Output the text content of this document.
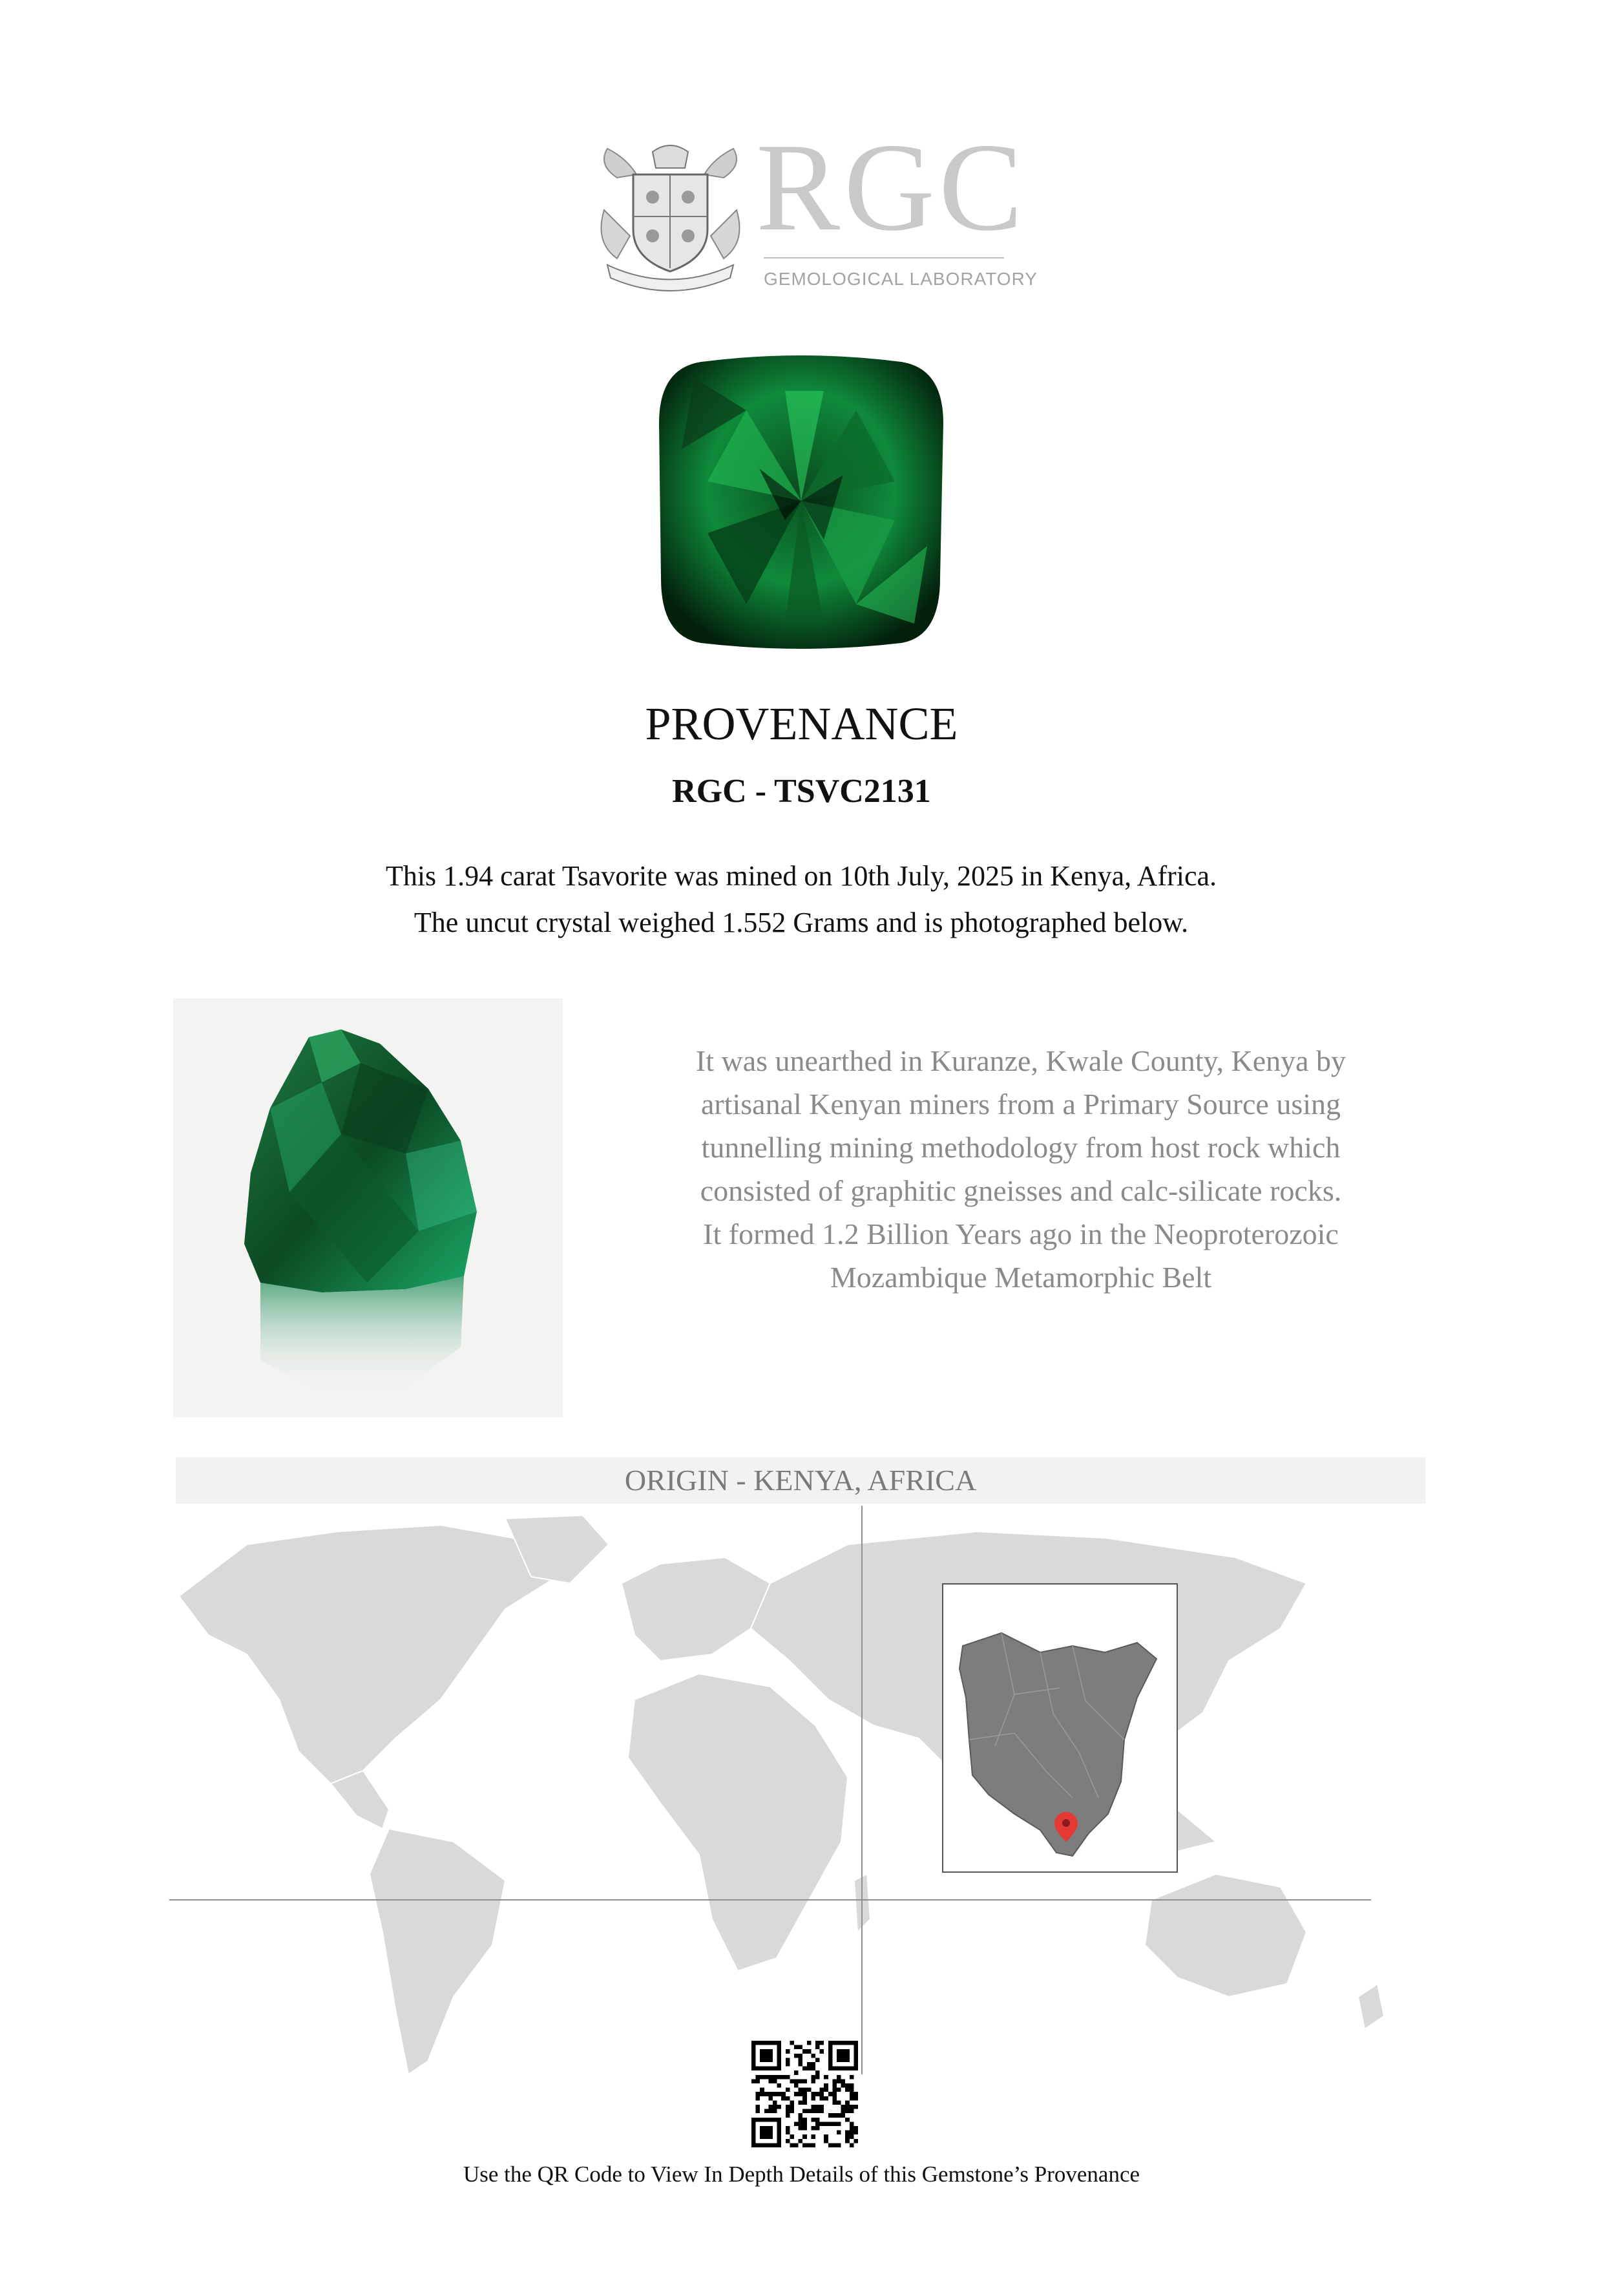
RGC
GEMOLOGICAL LABORATORY
PROVENANCE
RGC - TSVC2131
This 1.94 carat Tsavorite was mined on 10th July, 2025 in Kenya, Africa.
The uncut crystal weighed 1.552 Grams and is photographed below.
It was unearthed in Kuranze, Kwale County, Kenya by
artisanal Kenyan miners from a Primary Source using
tunnelling mining methodology from host rock which
consisted of graphitic gneisses and calc-silicate rocks.
It formed 1.2 Billion Years ago in the Neoproterozoic
Mozambique Metamorphic Belt
ORIGIN - KENYA, AFRICA
Use the QR Code to View In Depth Details of this Gemstone’s Provenance
